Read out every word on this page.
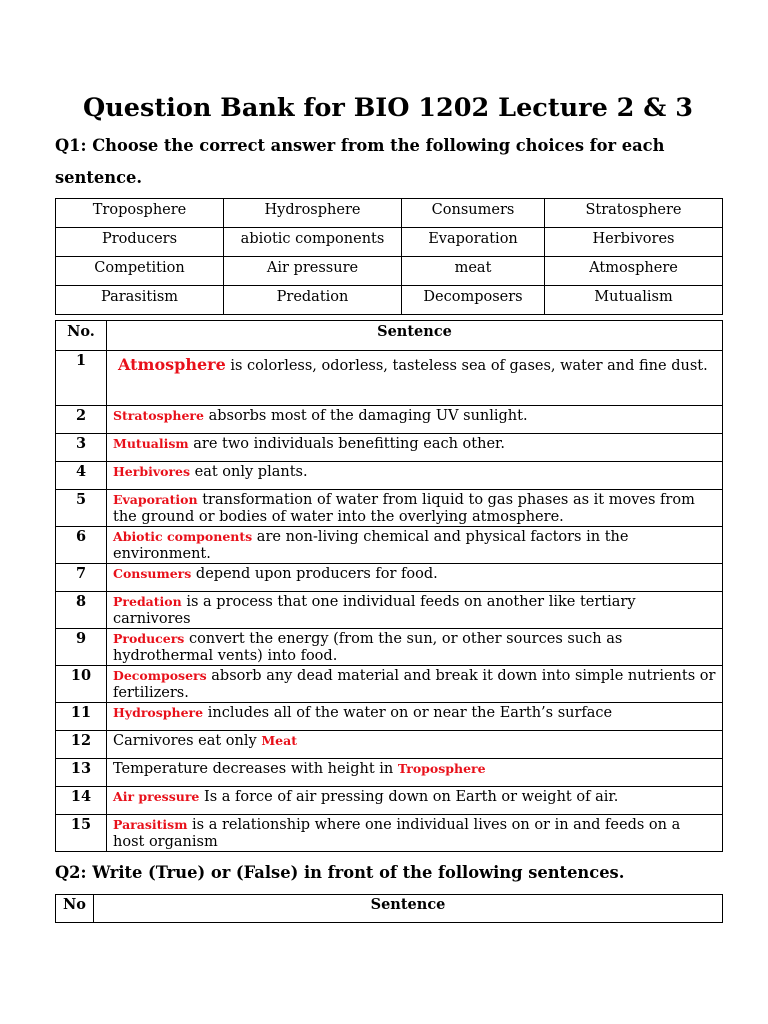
Question Bank for BIO 1202 Lecture 2 & 3

Q1: Choose the correct answer from the following choices for each sentence.

Troposphere	Hydrosphere	Consumers	Stratosphere
Producers	abiotic components	Evaporation	Herbivores
Competition	Air pressure	meat	Atmosphere
Parasitism	Predation	Decomposers	Mutualism
No.	Sentence
1	Atmosphere is colorless, odorless, tasteless sea of gases, water and fine dust.
2	Stratosphere absorbs most of the damaging UV sunlight.
3	Mutualism are two individuals benefitting each other.
4	Herbivores eat only plants.
5	Evaporation transformation of water from liquid to gas phases as it moves from the ground or bodies of water into the overlying atmosphere.
6	Abiotic components are non-living chemical and physical factors in the environment.
7	Consumers depend upon producers for food.
8	Predation is a process that one individual feeds on another like tertiary carnivores
9	Producers convert the energy (from the sun, or other sources such as hydrothermal vents) into food.
10	Decomposers absorb any dead material and break it down into simple nutrients or fertilizers.
11	Hydrosphere includes all of the water on or near the Earth’s surface
12	Carnivores eat only Meat
13	Temperature decreases with height in Troposphere
14	Air pressure Is a force of air pressing down on Earth or weight of air.
15	Parasitism is a relationship where one individual lives on or in and feeds on a host organism

Q2: Write (True) or (False) in front of the following sentences.

No	Sentence
